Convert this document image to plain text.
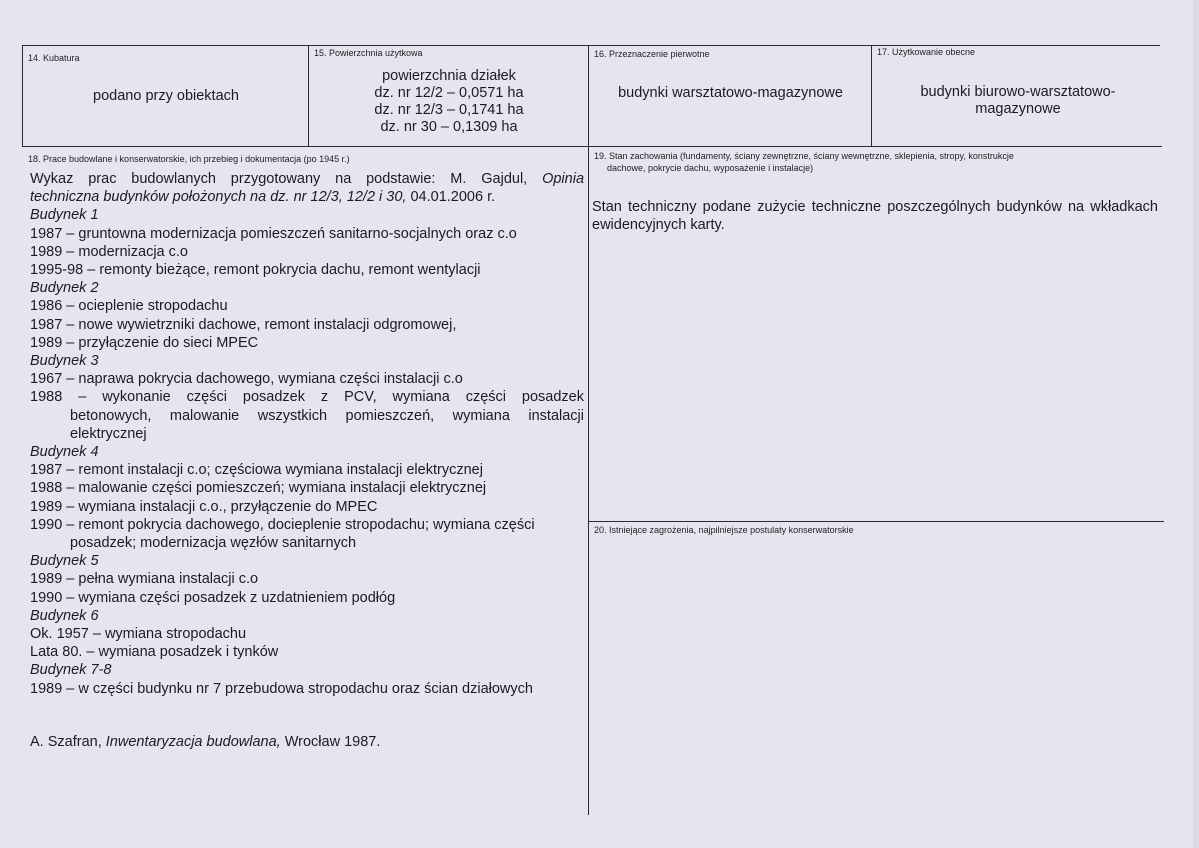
14. Kubatura
podano przy obiektach
15. Powierzchnia użytkowa
powierzchnia działek
dz. nr 12/2 – 0,0571 ha
dz. nr 12/3 – 0,1741 ha
dz. nr 30 – 0,1309 ha
16. Przeznaczenie pierwotne
budynki warsztatowo-magazynowe
17. Użytkowanie obecne
budynki biurowo-warsztatowo-
magazynowe
18. Prace budowlane i konserwatorskie, ich przebieg i dokumentacja (po 1945 r.)
Wykaz prac budowlanych przygotowany na podstawie: M. Gajdul, Opinia
techniczna budynków położonych na dz. nr 12/3, 12/2 i 30, 04.01.2006 r.
Budynek 1
1987 – gruntowna modernizacja pomieszczeń sanitarno-socjalnych oraz c.o
1989 – modernizacja c.o
1995-98 – remonty bieżące, remont pokrycia dachu, remont wentylacji
Budynek 2
1986 – ocieplenie stropodachu
1987 – nowe wywietrzniki dachowe, remont instalacji odgromowej,
1989 – przyłączenie do sieci MPEC
Budynek 3
1967 – naprawa pokrycia dachowego, wymiana części instalacji c.o
1988 – wykonanie części posadzek z PCV, wymiana części posadzek
betonowych, malowanie wszystkich pomieszczeń, wymiana instalacji
elektrycznej
Budynek 4
1987 – remont instalacji c.o; częściowa wymiana instalacji elektrycznej
1988 – malowanie części pomieszczeń; wymiana instalacji elektrycznej
1989 – wymiana instalacji c.o., przyłączenie do MPEC
1990 – remont pokrycia dachowego, docieplenie stropodachu; wymiana części
posadzek; modernizacja węzłów sanitarnych
Budynek 5
1989 – pełna wymiana instalacji c.o
1990 – wymiana części posadzek z uzdatnieniem podłóg
Budynek 6
Ok. 1957 – wymiana stropodachu
Lata 80. – wymiana posadzek i tynków
Budynek 7-8
1989 – w części budynku nr 7 przebudowa stropodachu oraz ścian działowych
A. Szafran, Inwentaryzacja budowlana, Wrocław 1987.
19. Stan zachowania (fundamenty, ściany zewnętrzne, ściany wewnętrzne, sklepienia, stropy, konstrukcje
dachowe, pokrycie dachu, wyposażenie i instalacje)
Stan techniczny podane zużycie techniczne poszczególnych budynków na wkładkach ewidencyjnych karty.
20. Istniejące zagrożenia, najpilniejsze postulaty konserwatorskie
